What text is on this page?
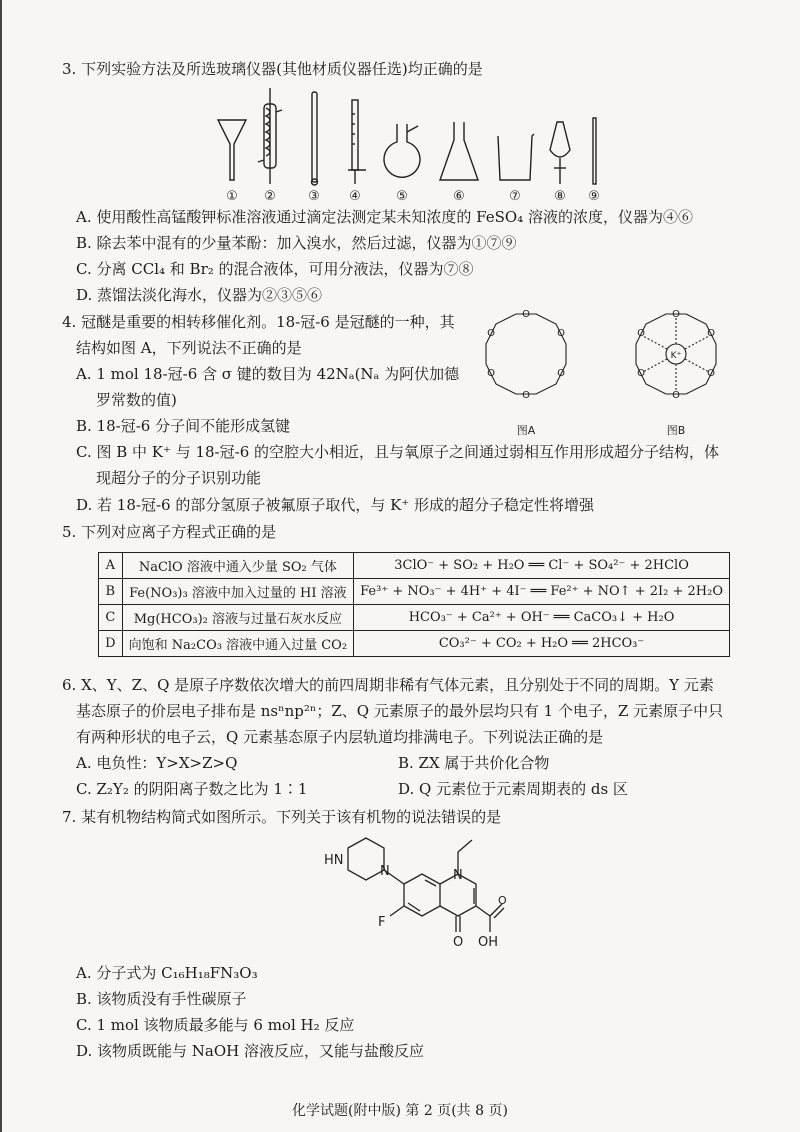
3. 下列实验方法及所选玻璃仪器(其他材质仪器任选)均正确的是
① ② ③ ④	⑤	⑥	⑦	⑧ ⑨
A. 使用酸性高锰酸钾标准溶液通过滴定法测定某未知浓度的 FeSO₄ 溶液的浓度，仪器为④⑥
B. 除去苯中混有的少量苯酚：加入溴水，然后过滤，仪器为①⑦⑨
C. 分离 CCl₄ 和 Br₂ 的混合液体，可用分液法，仪器为⑦⑧
D. 蒸馏法淡化海水，仪器为②③⑤⑥
4. 冠醚是重要的相转移催化剂。18-冠-6 是冠醚的一种，其
结构如图 A，下列说法不正确的是
A. 1 mol 18-冠-6 含 σ 键的数目为 42Nₐ(Nₐ 为阿伏加德
罗常数的值)
B. 18-冠-6 分子间不能形成氢键
C. 图 B 中 K⁺ 与 18-冠-6 的空腔大小相近，且与氧原子之间通过弱相互作用形成超分子结构，体
现超分子的分子识别功能
D. 若 18-冠-6 的部分氢原子被氟原子取代，与 K⁺ 形成的超分子稳定性将增强
O
O
O
O
O
O
O
O
O
O
O
O
K⁺
图A	图B
5. 下列对应离子方程式正确的是
A	NaClO 溶液中通入少量 SO₂ 气体	3ClO⁻ + SO₂ + H₂O ══ Cl⁻ + SO₄²⁻ + 2HClO
B	Fe(NO₃)₃ 溶液中加入过量的 HI 溶液	Fe³⁺ + NO₃⁻ + 4H⁺ + 4I⁻ ══ Fe²⁺ + NO↑ + 2I₂ + 2H₂O
C	Mg(HCO₃)₂ 溶液与过量石灰水反应	HCO₃⁻ + Ca²⁺ + OH⁻ ══ CaCO₃↓ + H₂O
D	向饱和 Na₂CO₃ 溶液中通入过量 CO₂	CO₃²⁻ + CO₂ + H₂O ══ 2HCO₃⁻
6. X、Y、Z、Q 是原子序数依次增大的前四周期非稀有气体元素，且分别处于不同的周期。Y 元素
基态原子的价层电子排布是 nsⁿnp²ⁿ；Z、Q 元素原子的最外层均只有 1 个电子，Z 元素原子中只
有两种形状的电子云，Q 元素基态原子内层轨道均排满电子。下列说法正确的是
A. 电负性：Y>X>Z>Q	B. ZX 属于共价化合物
C. Z₂Y₂ 的阴阳离子数之比为 1∶1	D. Q 元素位于元素周期表的 ds 区
7. 某有机物结构简式如图所示。下列关于该有机物的说法错误的是
HN
N	N
F
O
O
OH
A. 分子式为 C₁₆H₁₈FN₃O₃
B. 该物质没有手性碳原子
C. 1 mol 该物质最多能与 6 mol H₂ 反应
D. 该物质既能与 NaOH 溶液反应，又能与盐酸反应
化学试题(附中版) 第 2 页(共 8 页)
